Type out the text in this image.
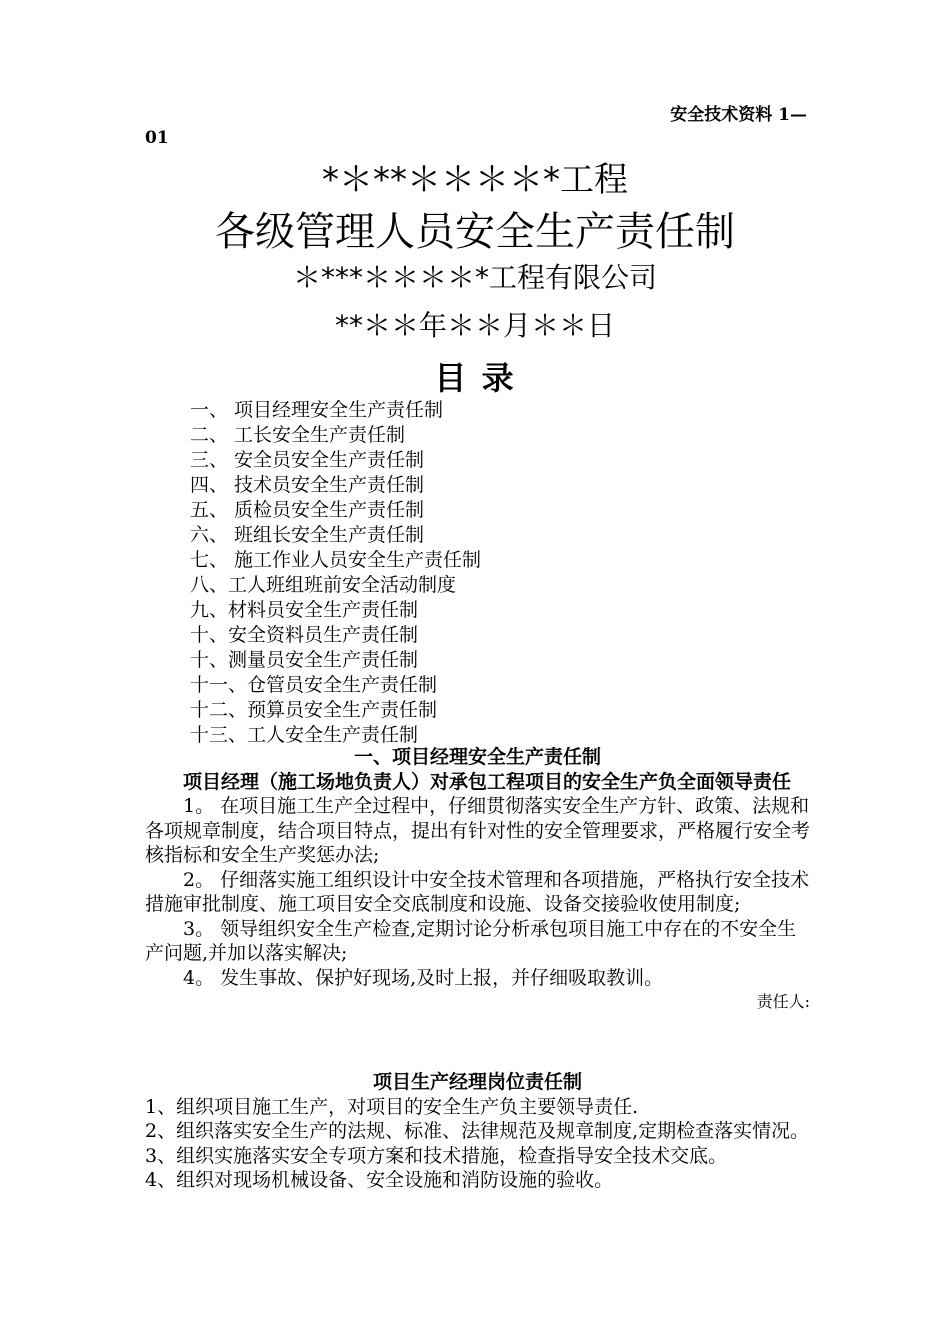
安全技术资料 1—
01
*＊**＊＊＊＊*工程
各级管理人员安全生产责任制
＊***＊＊＊＊*工程有限公司
**＊＊年＊＊月＊＊日
目 录
一、 项目经理安全生产责任制
二、 工长安全生产责任制
三、 安全员安全生产责任制
四、 技术员安全生产责任制
五、 质检员安全生产责任制
六、 班组长安全生产责任制
七、 施工作业人员安全生产责任制
八、工人班组班前安全活动制度
九、材料员安全生产责任制
十、安全资料员生产责任制
十、测量员安全生产责任制
十一、仓管员安全生产责任制
十二、预算员安全生产责任制
十三、工人安全生产责任制
一、项目经理安全生产责任制
项目经理（施工场地负责人）对承包工程项目的安全生产负全面领导责任
1。 在项目施工生产全过程中，仔细贯彻落实安全生产方针、政策、法规和各项规章制度，结合项目特点，提出有针对性的安全管理要求，严格履行安全考核指标和安全生产奖惩办法;
2。 仔细落实施工组织设计中安全技术管理和各项措施，严格执行安全技术措施审批制度、施工项目安全交底制度和设施、设备交接验收使用制度;
3。 领导组织安全生产检查,定期讨论分析承包项目施工中存在的不安全生产问题,并加以落实解决;
4。 发生事故、保护好现场,及时上报，并仔细吸取教训。
责任人:
项目生产经理岗位责任制
1、组织项目施工生产，对项目的安全生产负主要领导责任.
2、组织落实安全生产的法规、标准、法律规范及规章制度,定期检查落实情况。
3、组织实施落实安全专项方案和技术措施，检查指导安全技术交底。
4、组织对现场机械设备、安全设施和消防设施的验收。
